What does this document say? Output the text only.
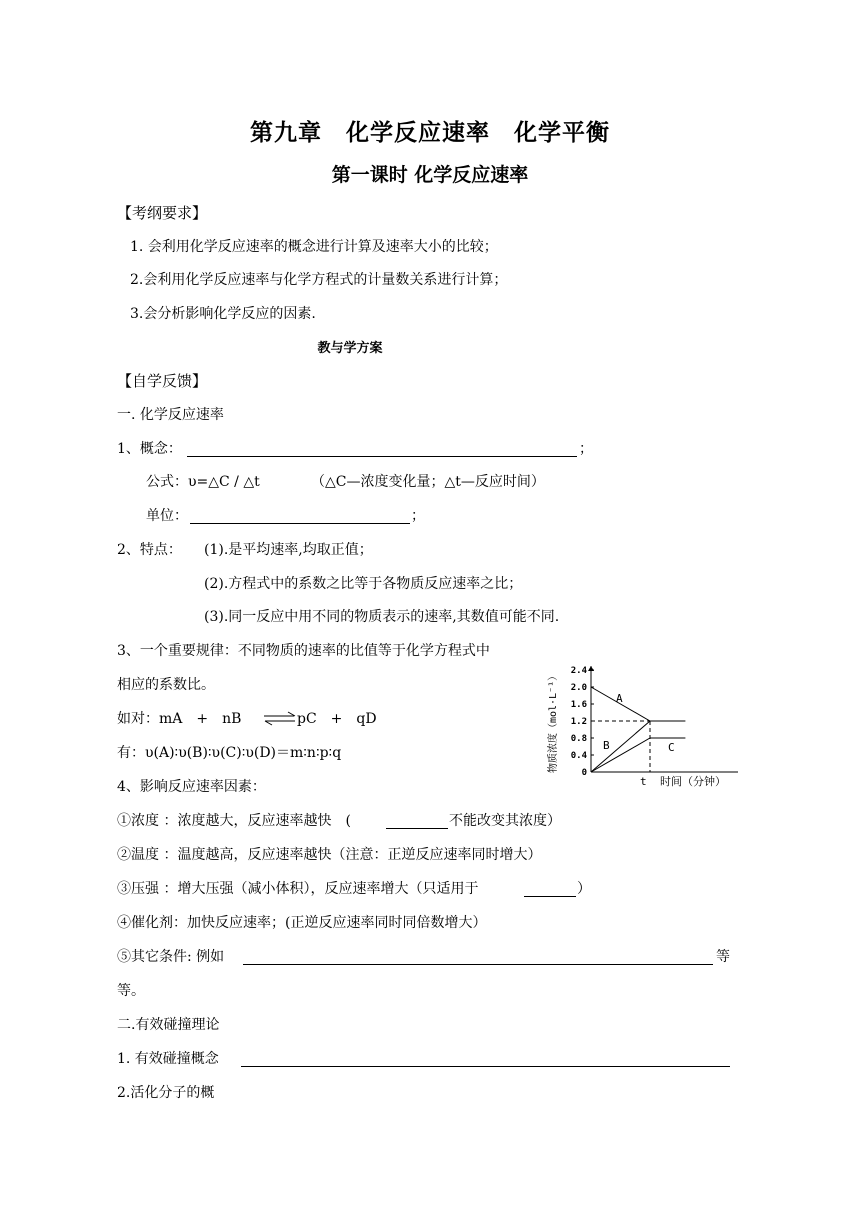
第九章　化学反应速率　化学平衡
第一课时 化学反应速率
【考纲要求】
1. 会利用化学反应速率的概念进行计算及速率大小的比较；
2.会利用化学反应速率与化学方程式的计量数关系进行计算；
3.会分析影响化学反应的因素.
教与学方案
【自学反馈】
一. 化学反应速率
1、概念：	；
公式：υ=△C / △t	（△C—浓度变化量；△t—反应时间）
单位：	；
2、特点： (1).是平均速率,均取正值；
(2).方程式中的系数之比等于各物质反应速率之比；
(3).同一反应中用不同的物质表示的速率,其数值可能不同.
3、一个重要规律：不同物质的速率的比值等于化学方程式中
相应的系数比。
如对：mA　+　nB ⇌ pC　+　qD
有：υ(A)∶υ(B)∶υ(C)∶υ(D)＝m∶n∶p∶q
4、影响反应速率因素：
①浓度 ：浓度越大，反应速率越快　(	不能改变其浓度）
②温度 ：温度越高，反应速率越快（注意：正逆反应速率同时增大）
③压强 ：增大压强（减小体积），反应速率增大（只适用于	）
④催化剂：加快反应速率；(正逆反应速率同时同倍数增大）
⑤其它条件: 例如	等
等。
二.有效碰撞理论
1. 有效碰撞概念
2.活化分子的概
0
0.4
0.8
1.2
1.6
2.0
2.4
A
B	C
物质浓度（mol·L⁻¹）
时间（分钟）
t
